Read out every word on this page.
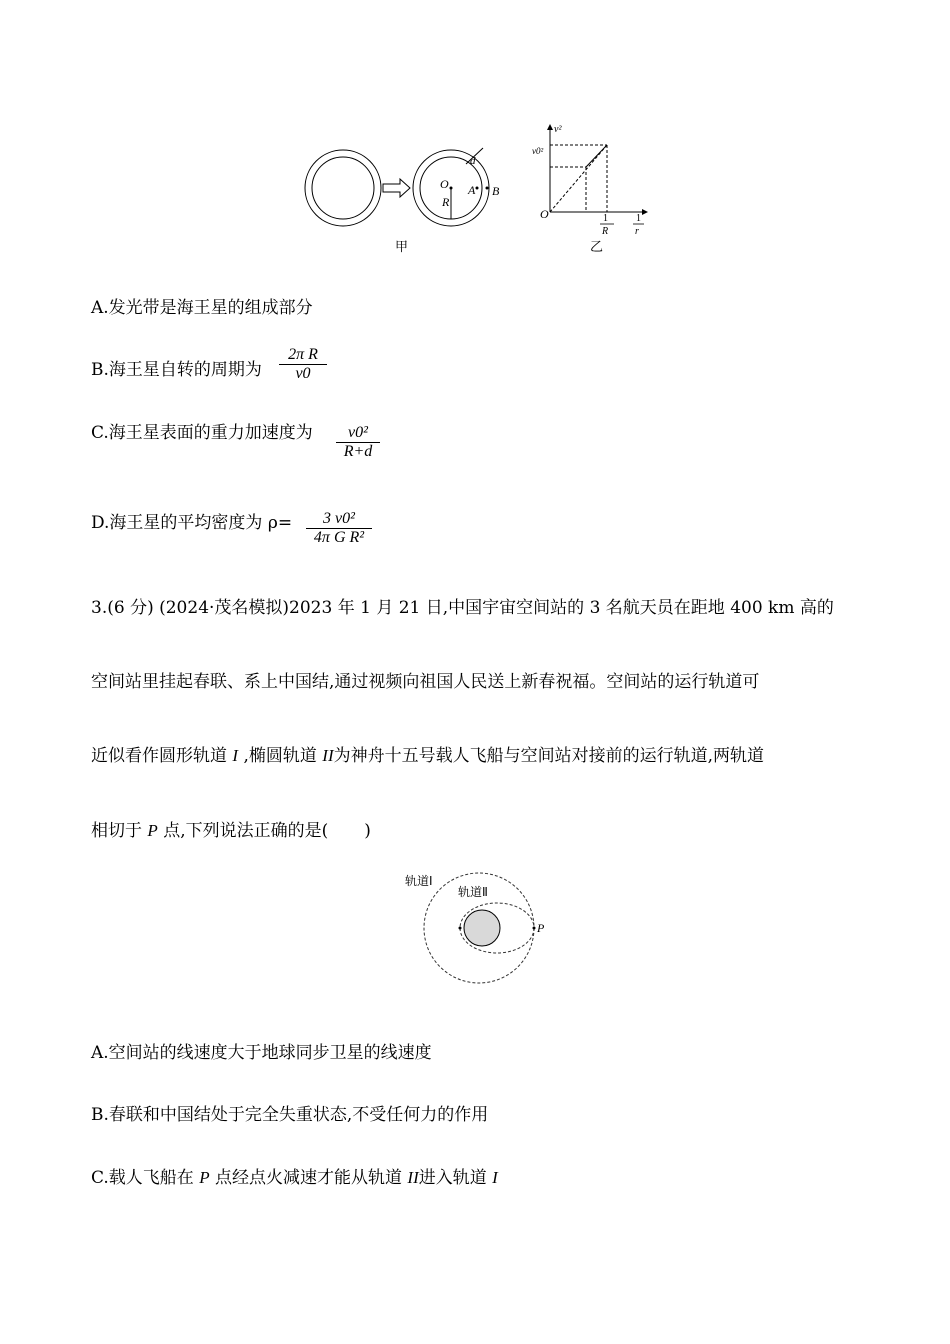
O
R
A B
d
甲
v²
v0²
O	1
R
1
r
乙
A.发光带是海王星的组成部分
B.海王星自转的周期为 $\frac{\text{2π R}}{v0}$
C.海王星表面的重力加速度为 $\frac{\text{v0²}}{R+d}$
D.海王星的平均密度为 $\rho= \frac{\text{3 v0²}}{\text{4π G R²}}$
3.(6 分) (2024·茂名模拟)2023 年 1 月 21 日,中国宇宙空间站的 3 名航天员在距地 400 km 高的
空间站里挂起春联、系上中国结,通过视频向祖国人民送上新春祝福。空间站的运行轨道可
近似看作圆形轨道 I ,椭圆轨道 II为神舟十五号载人飞船与空间站对接前的运行轨道,两轨道
相切于 P 点,下列说法正确的是( )
轨道Ⅰ
轨道Ⅱ
P
A.空间站的线速度大于地球同步卫星的线速度
B.春联和中国结处于完全失重状态,不受任何力的作用
C.载人飞船在 P 点经点火减速才能从轨道 II进入轨道 I
